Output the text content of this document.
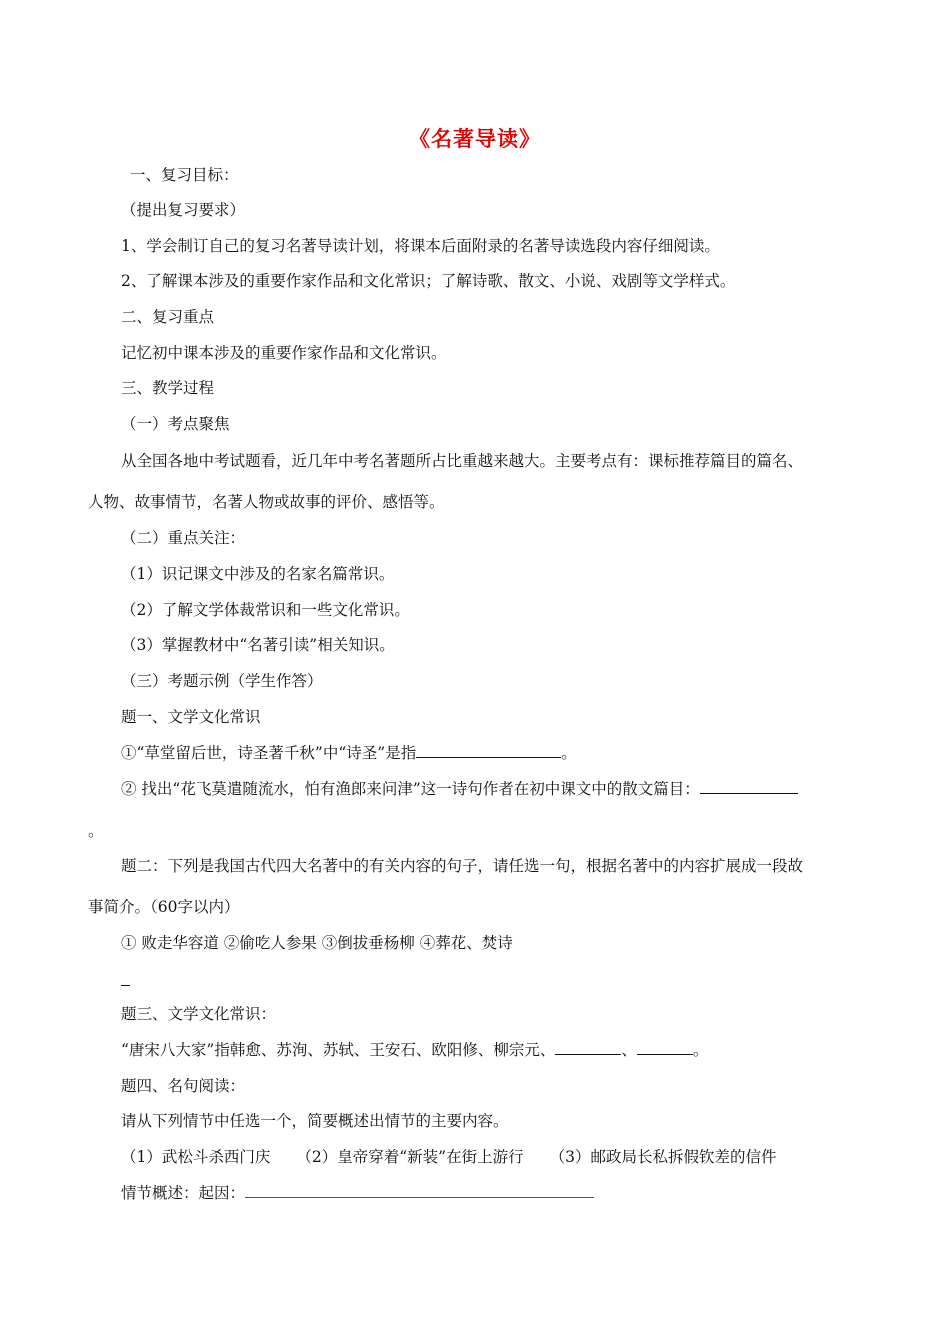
《名著导读》
一、复习目标：
（提出复习要求）
1、学会制订自己的复习名著导读计划，将课本后面附录的名著导读选段内容仔细阅读。
2、了解课本涉及的重要作家作品和文化常识；了解诗歌、散文、小说、戏剧等文学样式。
二、复习重点
记忆初中课本涉及的重要作家作品和文化常识。
三、教学过程
（一）考点聚焦
从全国各地中考试题看，近几年中考名著题所占比重越来越大。主要考点有：课标推荐篇目的篇名、
人物、故事情节，名著人物或故事的评价、感悟等。
（二）重点关注：
（1）识记课文中涉及的名家名篇常识。
（2）了解文学体裁常识和一些文化常识。
（3）掌握教材中“名著引读”相关知识。
（三）考题示例（学生作答）
题一、文学文化常识
①“草堂留后世，诗圣著千秋”中“诗圣”是指	。
② 找出“花飞莫遣随流水，怕有渔郎来问津”这一诗句作者在初中课文中的散文篇目：
。
题二：下列是我国古代四大名著中的有关内容的句子，请任选一句，根据名著中的内容扩展成一段故
事简介。（60字以内）
① 败走华容道 ②偷吃人参果 ③倒拔垂杨柳 ④葬花、焚诗
题三、文学文化常识：
“唐宋八大家”指韩愈、苏洵、苏轼、王安石、欧阳修、柳宗元、	、	。
题四、名句阅读：
请从下列情节中任选一个，简要概述出情节的主要内容。
（1）武松斗杀西门庆 （2）皇帝穿着“新装”在街上游行 （3）邮政局长私拆假钦差的信件
情节概述：起因：
